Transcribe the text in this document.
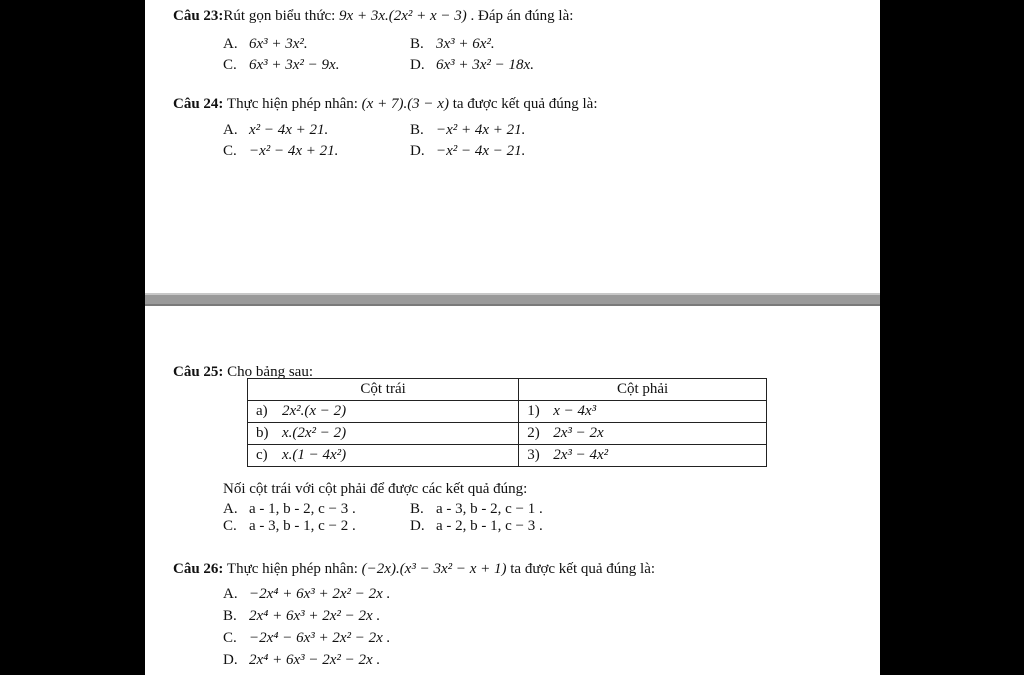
Câu 23:Rút gọn biểu thức: 9x + 3x.(2x² + x − 3) . Đáp án đúng là:
A. 6x³ + 3x².	B. 3x³ + 6x².
C. 6x³ + 3x² − 9x.	D. 6x³ + 3x² − 18x.
Câu 24: Thực hiện phép nhân: (x + 7).(3 − x) ta được kết quả đúng là:
A. x² − 4x + 21.	B. −x² + 4x + 21.
C. −x² − 4x + 21.	D. −x² − 4x − 21.
Câu 25: Cho bảng sau:
Cột trái	Cột phải
a) 2x².(x − 2)	1) x − 4x³
b) x.(2x² − 2)	2) 2x³ − 2x
c) x.(1 − 4x²)	3) 2x³ − 4x²
Nối cột trái với cột phải để được các kết quả đúng:
A. a - 1, b - 2, c − 3 .	B. a - 3, b - 2, c − 1 .
C. a - 3, b - 1, c − 2 .	D. a - 2, b - 1, c − 3 .
Câu 26: Thực hiện phép nhân: (−2x).(x³ − 3x² − x + 1) ta được kết quả đúng là:
A. −2x⁴ + 6x³ + 2x² − 2x .
B. 2x⁴ + 6x³ + 2x² − 2x .
C. −2x⁴ − 6x³ + 2x² − 2x .
D. 2x⁴ + 6x³ − 2x² − 2x .
